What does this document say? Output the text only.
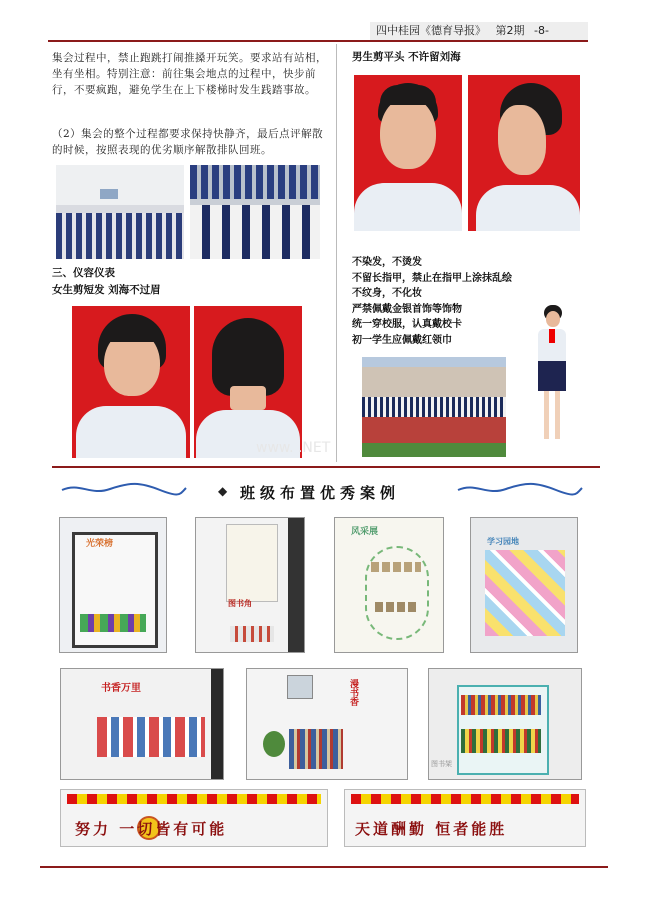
四中桂园《德育导报》 第2期 -8-
集会过程中，禁止跑跳打闹推搡开玩笑。要求站有站相，坐有坐相。特别注意：前往集会地点的过程中，快步前行，不要疯跑，避免学生在上下楼梯时发生践踏事故。
（2）集会的整个过程都要求保持快静齐，最后点评解散的时候，按照表现的优劣顺序解散排队回班。
三、仪容仪表
女生剪短发 刘海不过眉
www. .NET
男生剪平头 不许留刘海
不染发，不烫发
不留长指甲，禁止在指甲上涂抹乱绘
不纹身，不化妆
严禁佩戴金银首饰等饰物
统一穿校服，认真戴校卡
初一学生应佩戴红领巾
◆ 班级布置优秀案例
光荣榜
图书角
风采展
学习园地
书香万里	漫书香
图书架
努力 一切皆有可能	天道酬勤 恒者能胜
